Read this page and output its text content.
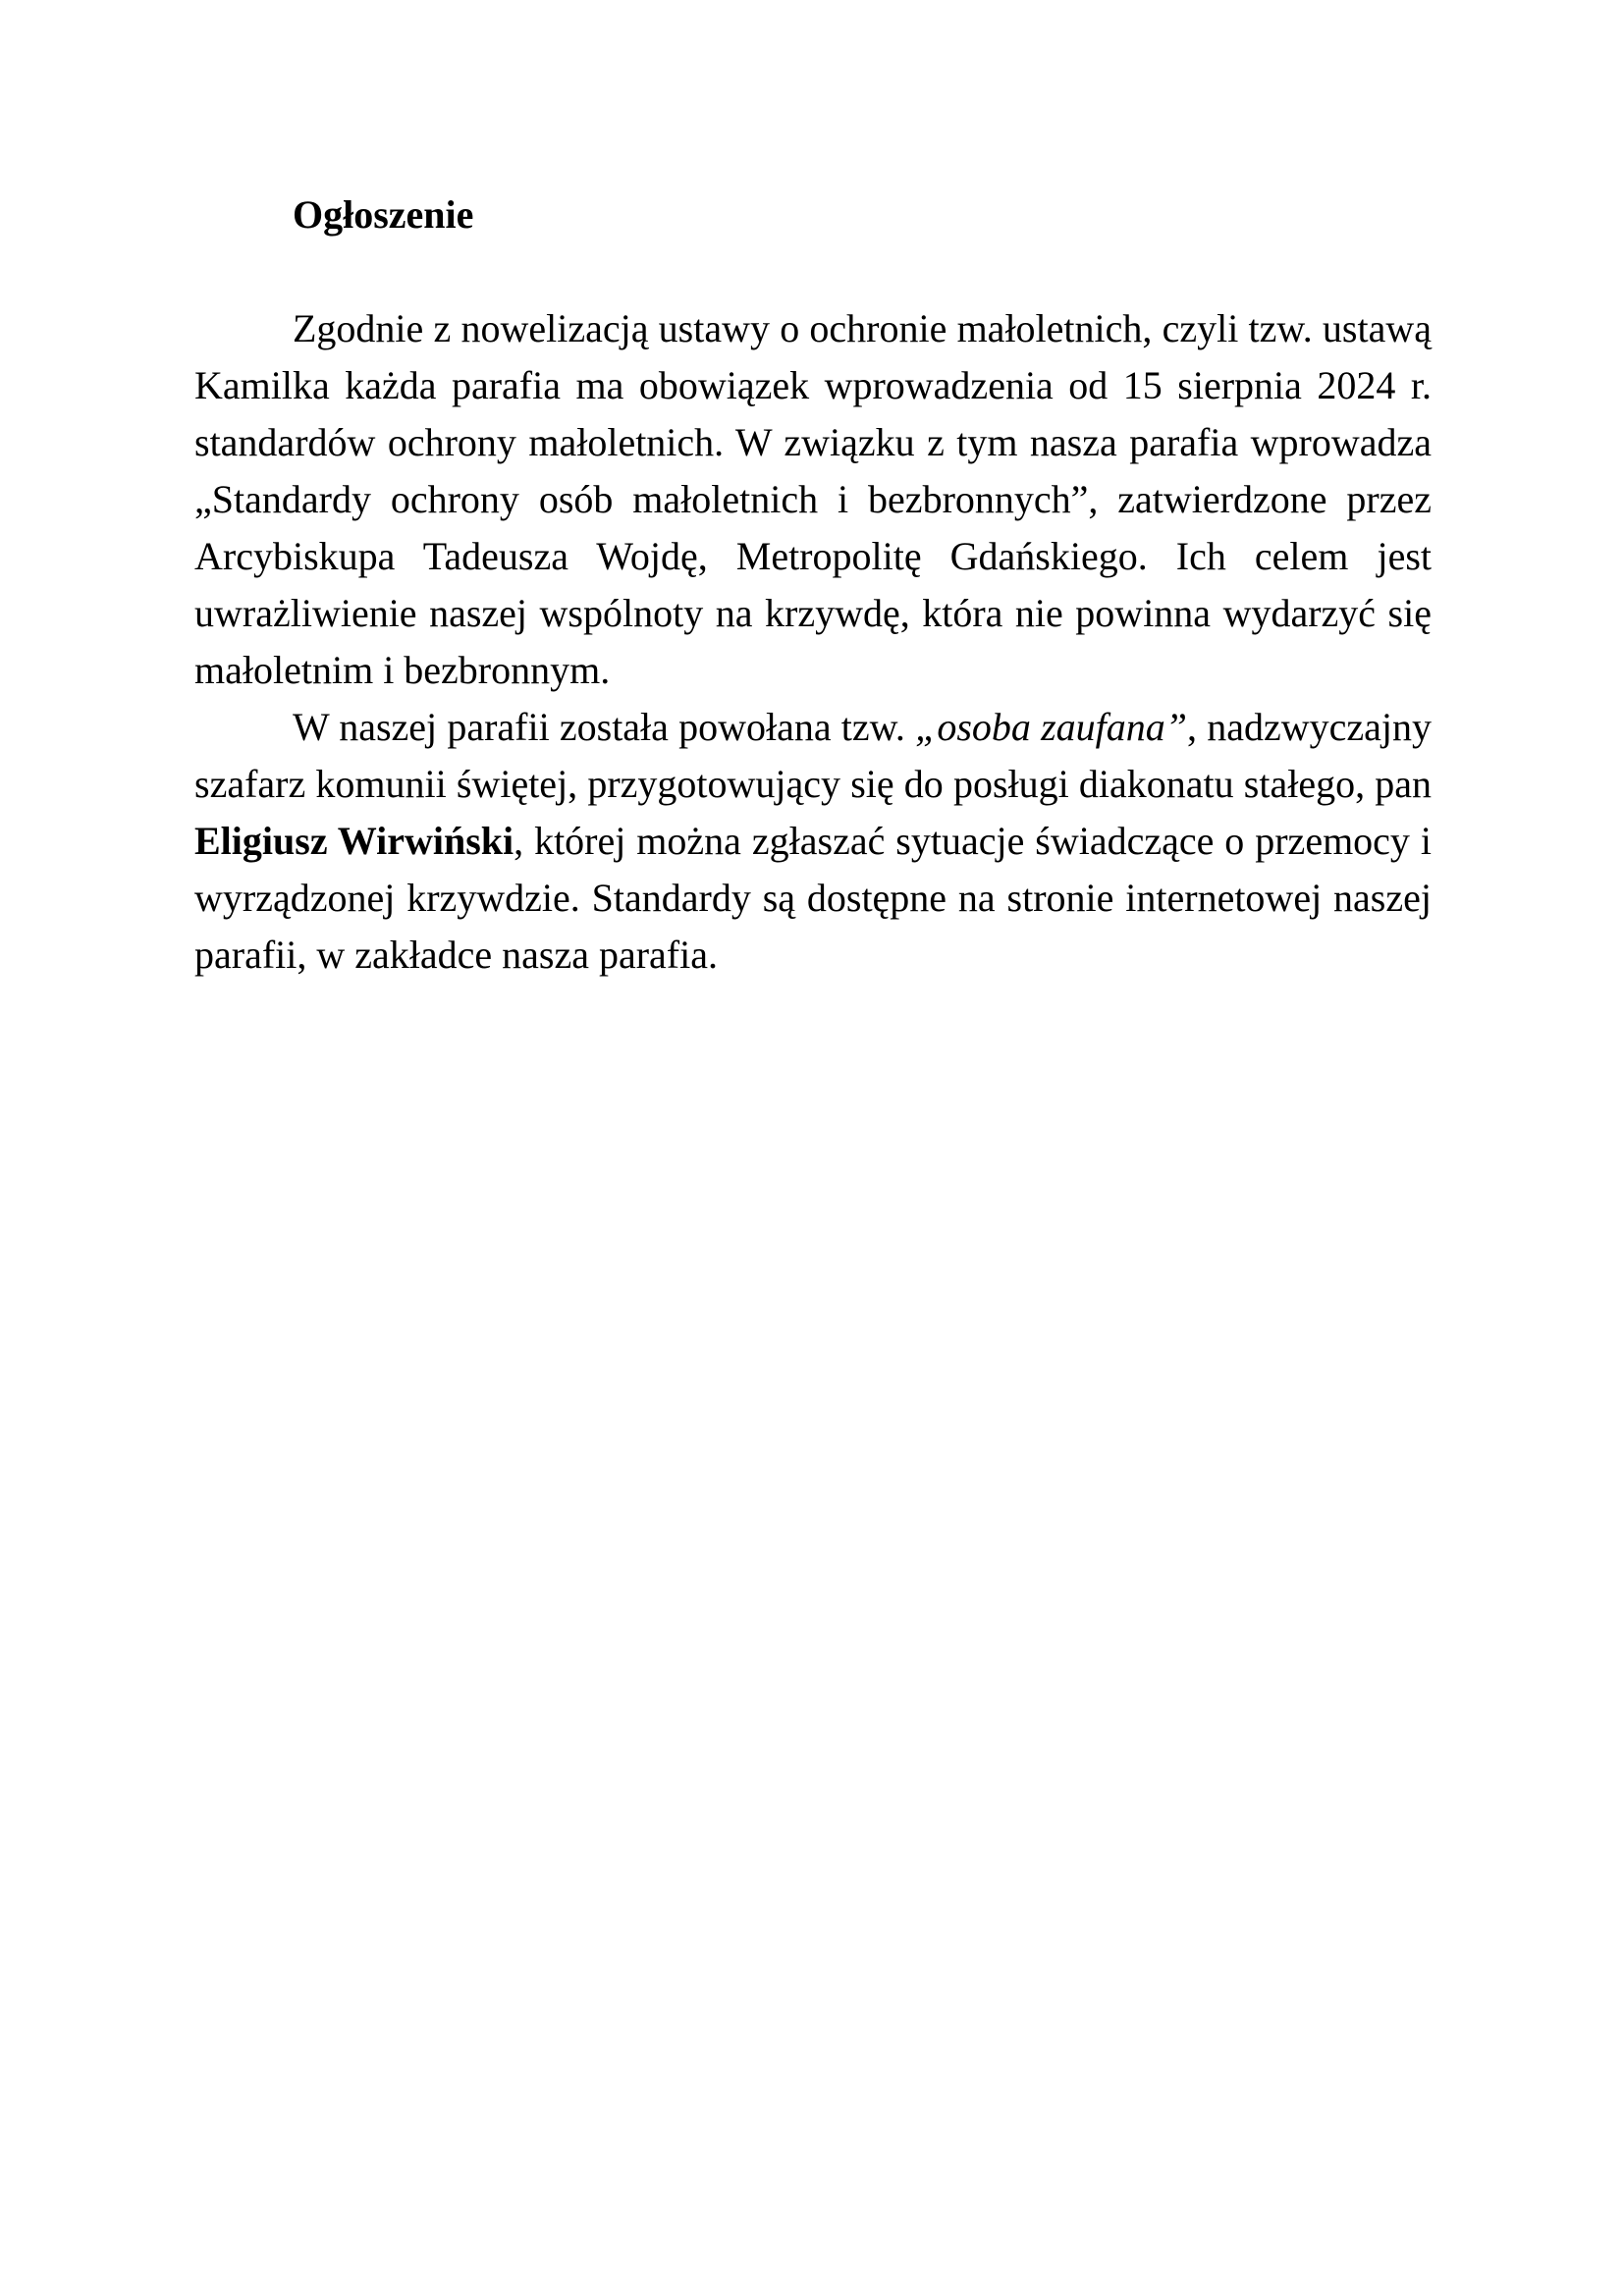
Ogłoszenie

Zgodnie z nowelizacją ustawy o ochronie małoletnich, czyli tzw. ustawą Kamilka każda parafia ma obowiązek wprowadzenia od 15 sierpnia 2024 r. standardów ochrony małoletnich. W związku z tym nasza parafia wprowadza „Standardy ochrony osób małoletnich i bezbronnych”, zatwierdzone przez Arcybiskupa Tadeusza Wojdę, Metropolitę Gdańskiego. Ich celem jest uwrażliwienie naszej wspólnoty na krzywdę, która nie powinna wydarzyć się małoletnim i bezbronnym.

W naszej parafii została powołana tzw. „osoba zaufana”, nadzwyczajny szafarz komunii świętej, przygotowujący się do posługi diakonatu stałego, pan Eligiusz Wirwiński, której można zgłaszać sytuacje świadczące o przemocy i wyrządzonej krzywdzie. Standardy są dostępne na stronie internetowej naszej parafii, w zakładce nasza parafia.
